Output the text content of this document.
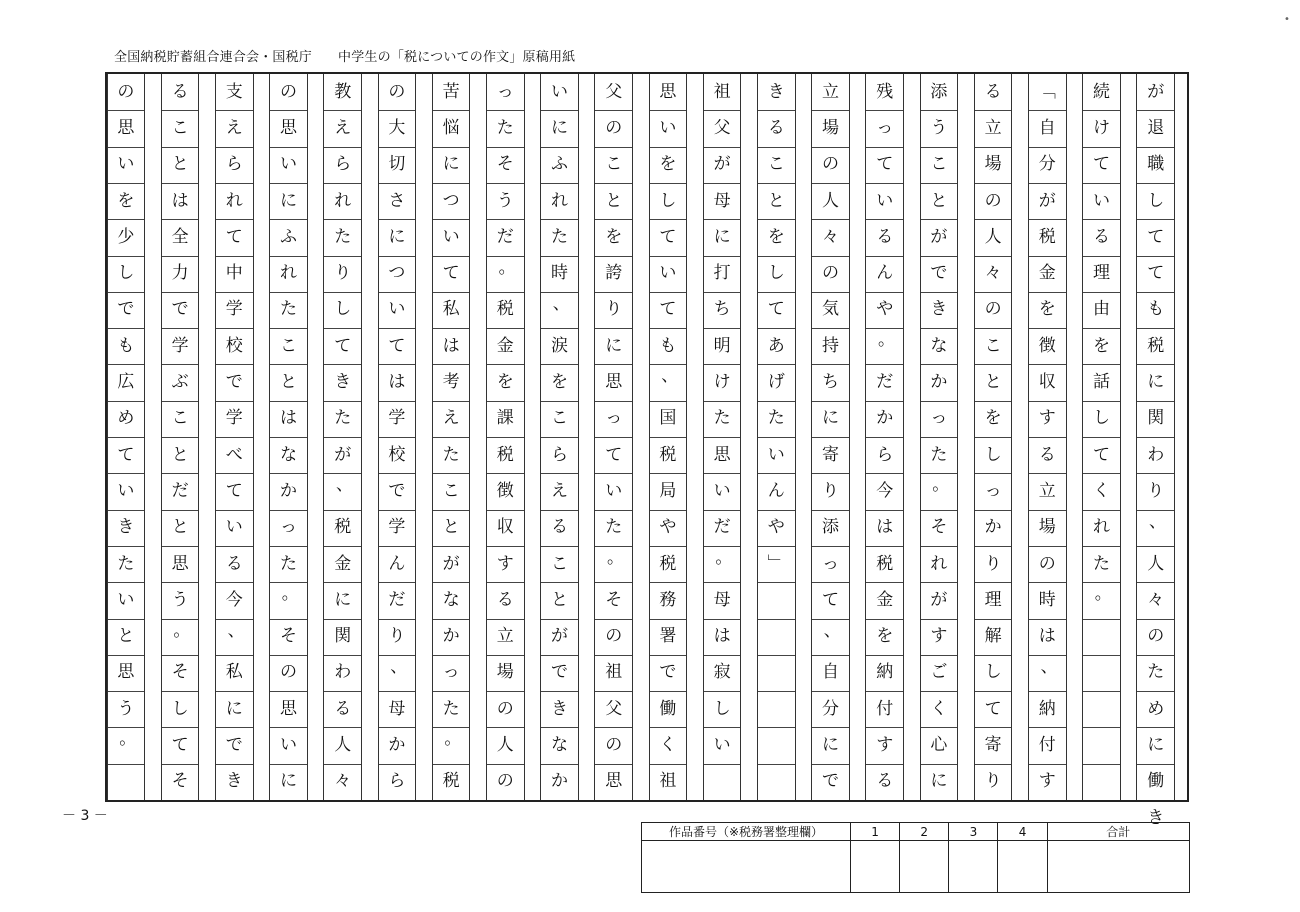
全国納税貯蓄組合連合会・国税庁 中学生の「税についての作文」原稿用紙
が
退
職
し
て
て
も
税
に
関
わ
り
、
人
々
の
た
め
に
働
き
続
け
て
い
る
理
由
を
話
し
て
く
れ
た
。
﹁
自
分
が
税
金
を
徴
収
す
る
立
場
の
時
は
、
納
付
す
る
立
場
の
人
々
の
こ
と
を
し
っ
か
り
理
解
し
て
寄
り
添
う
こ
と
が
で
き
な
か
っ
た
。
そ
れ
が
す
ご
く
心
に
残
っ
て
い
る
ん
や
。
だ
か
ら
今
は
税
金
を
納
付
す
る
立
場
の
人
々
の
気
持
ち
に
寄
り
添
っ
て
、
自
分
に
で
き
る
こ
と
を
し
て
あ
げ
た
い
ん
や
﹂
祖
父
が
母
に
打
ち
明
け
た
思
い
だ
。
母
は
寂
し
い
思
い
を
し
て
い
て
も
、
国
税
局
や
税
務
署
で
働
く
祖
父
の
こ
と
を
誇
り
に
思
っ
て
い
た
。
そ
の
祖
父
の
思
い
に
ふ
れ
た
時
、
涙
を
こ
ら
え
る
こ
と
が
で
き
な
か
っ
た
そ
う
だ
。
税
金
を
課
税
徴
収
す
る
立
場
の
人
の
苦
悩
に
つ
い
て
私
は
考
え
た
こ
と
が
な
か
っ
た
。
税
の
大
切
さ
に
つ
い
て
は
学
校
で
学
ん
だ
り
、
母
か
ら
教
え
ら
れ
た
り
し
て
き
た
が
、
税
金
に
関
わ
る
人
々
の
思
い
に
ふ
れ
た
こ
と
は
な
か
っ
た
。
そ
の
思
い
に
支
え
ら
れ
て
中
学
校
で
学
べ
て
い
る
今
、
私
に
で
き
る
こ
と
は
全
力
で
学
ぶ
こ
と
だ
と
思
う
。
そ
し
て
そ
の
思
い
を
少
し
で
も
広
め
て
い
き
た
い
と
思
う
。
－ 3 －
作品番号（※税務署整理欄）	1	2	3	4	合計

•
